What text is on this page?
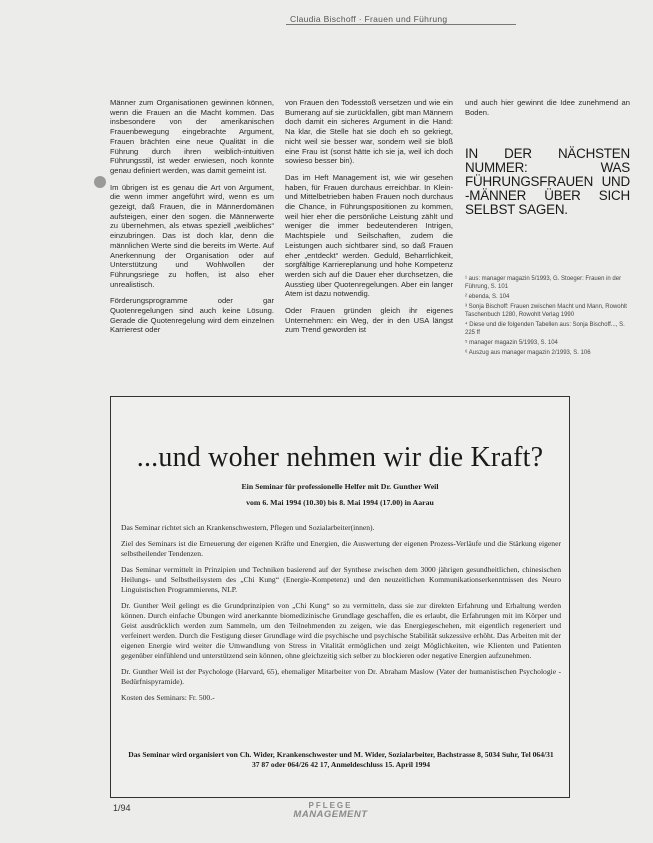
Claudia Bischoff · Frauen und Führung

Männer zum Organisationen gewinnen können, wenn die Frauen an die Macht kommen. Das insbesondere von der amerikanischen Frauenbewegung eingebrachte Argument, Frauen brächten eine neue Qualität in die Führung durch ihren weiblich-intuitiven Führungsstil, ist weder erwiesen, noch konnte genau definiert werden, was damit gemeint ist.

Im übrigen ist es genau die Art von Argument, die wenn immer angeführt wird, wenn es um gezeigt, daß Frauen, die in Männerdomänen aufsteigen, einer den sogen. die Männerwerte zu übernehmen, als etwas speziell „weibliches“ einzubringen. Das ist doch klar, denn die männlichen Werte sind die bereits im Werte. Auf Anerkennung der Organisation oder auf Unterstützung und Wohlwollen der Führungsriege zu hoffen, ist also eher unrealistisch.

Förderungsprogramme oder gar Quotenregelungen sind auch keine Lösung. Gerade die Quotenregelung wird dem einzelnen Karrierest oder

von Frauen den Todesstoß versetzen und wie ein Bumerang auf sie zurückfallen, gibt man Männern doch damit ein sicheres Argument in die Hand: Na klar, die Stelle hat sie doch eh so gekriegt, nicht weil sie besser war, sondern weil sie bloß eine Frau ist (sonst hätte ich sie ja, weil ich doch sowieso besser bin).

Das im Heft Management ist, wie wir gesehen haben, für Frauen durchaus erreichbar. In Klein- und Mittelbetrieben haben Frauen noch durchaus die Chance, in Führungspositionen zu kommen, weil hier eher die persönliche Leistung zählt und weniger die immer bedeutenderen Intrigen, Machtspiele und Seilschaften, zudem die Leistungen auch sichtbarer sind, so daß Frauen eher „entdeckt“ werden. Geduld, Beharrlichkeit, sorgfältige Karriereplanung und hohe Kompetenz werden sich auf die Dauer eher durchsetzen, die Ausstieg über Quotenregelungen. Aber ein langer Atem ist dazu notwendig.

Oder Frauen gründen gleich ihr eigenes Unternehmen: ein Weg, der in den USA längst zum Trend geworden ist

und auch hier gewinnt die Idee zunehmend an Boden.

IN DER NÄCHSTEN NUMMER: WAS FÜHRUNGSFRAUEN UND -MÄNNER ÜBER SICH SELBST SAGEN.
¹ aus: manager magazin 5/1993, G. Stoeger: Frauen in der Führung, S. 101
² ebenda, S. 104
³ Sonja Bischoff: Frauen zwischen Macht und Mann, Rowohlt Taschenbuch 1280, Rowohlt Verlag 1990
⁴ Diese und die folgenden Tabellen aus: Sonja Bischoff..., S. 225 ff
⁵ manager magazin 5/1993, S. 104
⁶ Auszug aus manager magazin 2/1993, S. 106
...und woher nehmen wir die Kraft?
Ein Seminar für professionelle Helfer mit Dr. Gunther Weil
vom 6. Mai 1994 (10.30) bis 8. Mai 1994 (17.00) in Aarau

Das Seminar richtet sich an Krankenschwestern, Pflegen und Sozialarbeiter(innen).

Ziel des Seminars ist die Erneuerung der eigenen Kräfte und Energien, die Auswertung der eigenen Prozess-Verläufe und die Stärkung eigener selbstheilender Tendenzen.

Das Seminar vermittelt in Prinzipien und Techniken basierend auf der Synthese zwischen dem 3000 jährigen gesundheitlichen, chinesischen Heilungs- und Selbstheilsystem des „Chi Kung“ (Energie-Kompetenz) und den neuzeitlichen Kommunikationserkenntnissen des Neuro Linguistischen Programmierens, NLP.

Dr. Gunther Weil gelingt es die Grundprinzipien von „Chi Kung“ so zu vermitteln, dass sie zur direkten Erfahrung und Erhaltung werden können. Durch einfache Übungen wird anerkannte biomedizinische Grundlage geschaffen, die es erlaubt, die Erfahrungen mit im Körper und Geist ausdrücklich werden zum Sammeln, um den Teilnehmenden zu zeigen, wie das Energiegeschehen, mit eigentlich regeneriert und verfeinert werden. Durch die Festigung dieser Grundlage wird die psychische und psychische Stabilität sukzessive erhöht. Das Arbeiten mit der eigenen Energie wird weiter die Umwandlung von Stress in Vitalität ermöglichen und zeigt Möglichkeiten, wie Klienten und Patienten gegenüber einfühlend und unterstützend sein können, ohne gleichzeitig sich selber zu blockieren oder negative Energien aufzunehmen.

Dr. Gunther Weil ist der Psychologe (Harvard, 65), ehemaliger Mitarbeiter von Dr. Abraham Maslow (Vater der humanistischen Psychologie - Bedürfnispyramide).

Kosten des Seminars: Fr. 500.-

Das Seminar wird organisiert von Ch. Wider, Krankenschwester und M. Wider, Sozialarbeiter, Bachstrasse 8, 5034 Suhr, Tel 064/31 37 87 oder 064/26 42 17, Anmeldeschluss 15. April 1994
1/94	PFLEGE
MANAGEMENT
